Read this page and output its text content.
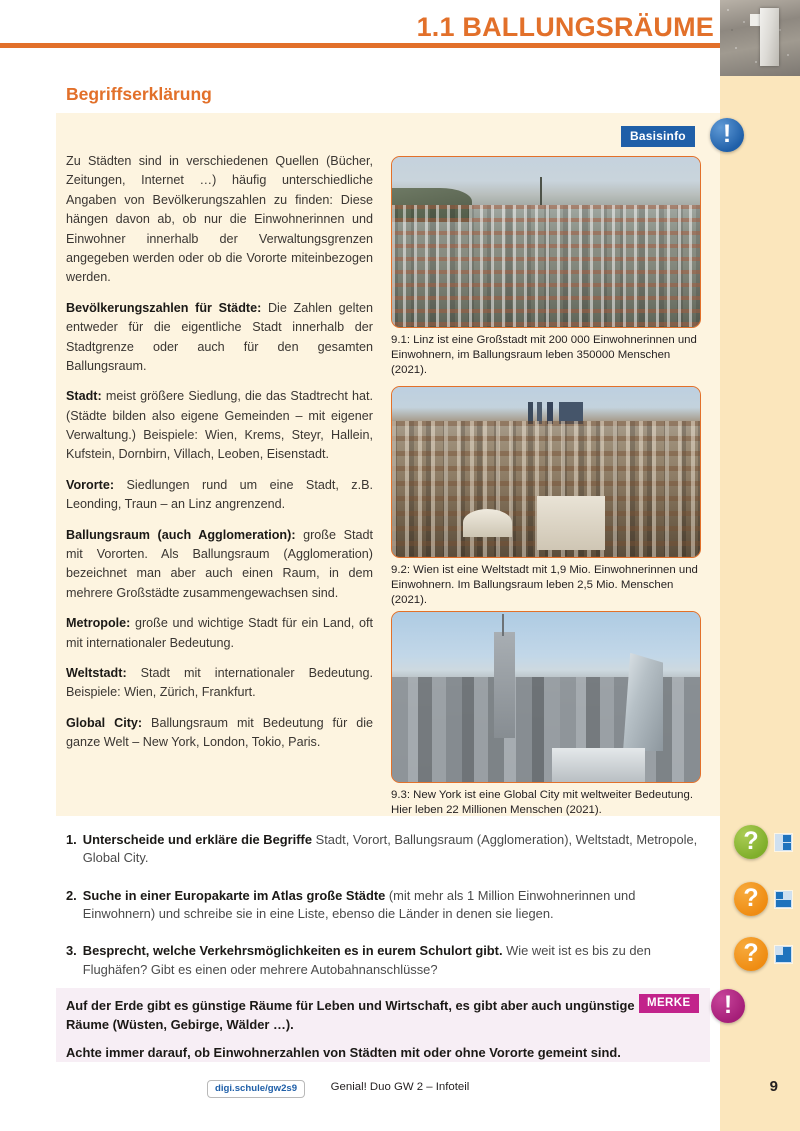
1.1 BALLUNGSRÄUME
Begriffserklärung
Basisinfo	!

Zu Städten sind in verschiedenen Quellen (Bücher, Zeitungen, Internet …) häufig unterschiedliche Angaben von Bevölkerungszahlen zu finden: Diese hängen davon ab, ob nur die Einwohnerinnen und Einwohner innerhalb der Verwaltungsgrenzen angegeben werden oder ob die Vororte miteinbezogen werden.

Bevölkerungszahlen für Städte: Die Zahlen gelten entweder für die eigentliche Stadt innerhalb der Stadtgrenze oder auch für den gesamten Ballungsraum.

Stadt: meist größere Siedlung, die das Stadtrecht hat. (Städte bilden also eigene Gemeinden – mit eigener Verwaltung.) Beispiele: Wien, Krems, Steyr, Hallein, Kufstein, Dornbirn, Villach, Leoben, Eisenstadt.

Vororte: Siedlungen rund um eine Stadt, z.B. Leonding, Traun – an Linz angrenzend.

Ballungsraum (auch Agglomeration): große Stadt mit Vororten. Als Ballungsraum (Agglomeration) bezeichnet man aber auch einen Raum, in dem mehrere Großstädte zusammengewachsen sind.

Metropole: große und wichtige Stadt für ein Land, oft mit internationaler Bedeutung.

Weltstadt: Stadt mit internationaler Bedeutung. Beispiele: Wien, Zürich, Frankfurt.

Global City: Ballungsraum mit Bedeutung für die ganze Welt – New York, London, Tokio, Paris.

9.1: Linz ist eine Großstadt mit 200 000 Einwohnerinnen und Einwohnern, im Ballungsraum leben 350000 Menschen (2021).
9.2: Wien ist eine Weltstadt mit 1,9 Mio. Einwohnerinnen und Einwohnern. Im Ballungsraum leben 2,5 Mio. Menschen (2021).
9.3: New York ist eine Global City mit weltweiter Bedeutung. Hier leben 22 Millionen Menschen (2021).
1. Unterscheide und erkläre die Begriffe Stadt, Vorort, Ballungsraum (Agglomeration), Weltstadt, Metropole, Global City.
2. Suche in einer Europakarte im Atlas große Städte (mit mehr als 1 Million Einwohnerinnen und Einwohnern) und schreibe sie in eine Liste, ebenso die Länder in denen sie liegen.
3. Besprecht, welche Verkehrsmöglichkeiten es in eurem Schulort gibt. Wie weit ist es bis zu den Flughäfen? Gibt es einen oder mehrere Autobahnanschlüsse?
?
?
?

Auf der Erde gibt es günstige Räume für Leben und Wirtschaft, es gibt aber auch ungünstige Räume (Wüsten, Gebirge, Wälder …).

Achte immer darauf, ob Einwohnerzahlen von Städten mit oder ohne Vororte gemeint sind.

MERKE	!
digi.schule/gw2s9	Genial! Duo GW 2 – Infoteil	9
